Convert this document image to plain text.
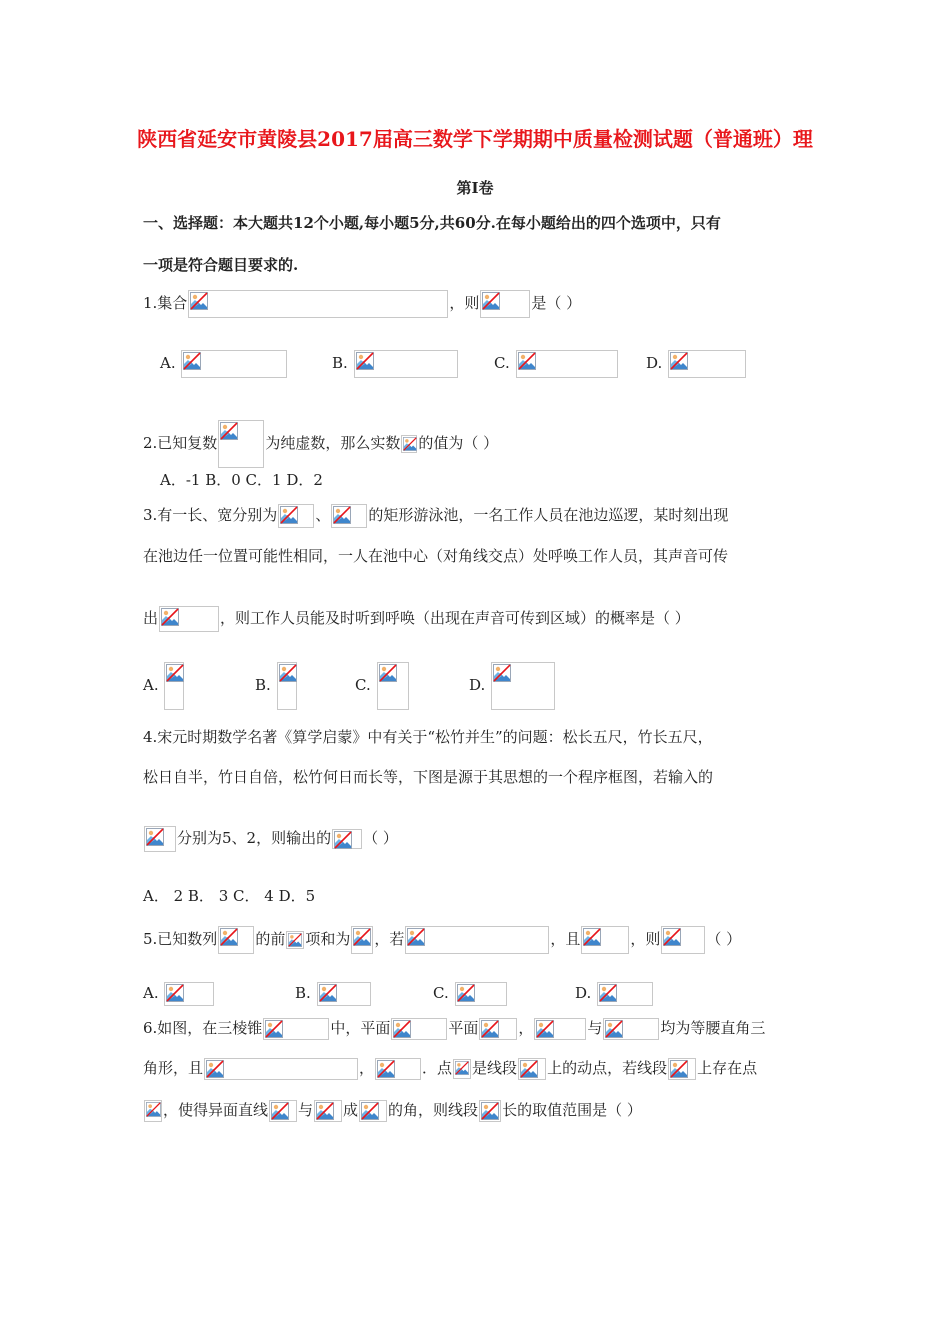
陕西省延安市黄陵县2017届高三数学下学期期中质量检测试题（普通班）理
第Ⅰ卷
一、选择题：本大题共12个小题,每小题5分,共60分.在每小题给出的四个选项中，只有
一项是符合题目要求的.
1.集合	，则	是（ ）
A.	B.	C.	D.
2.已知复数	为纯虚数，那么实数 的值为（ ）
A．-1 B．0 C．1 D．2
3.有一长、宽分别为	、	的矩形游泳池，一名工作人员在池边巡逻，某时刻出现
在池边任一位置可能性相同，一人在池中心（对角线交点）处呼唤工作人员，其声音可传
出	，则工作人员能及时听到呼唤（出现在声音可传到区域）的概率是（ ）
A.	B.	C.	D.
4.宋元时期数学名著《算学启蒙》中有关于“松竹并生”的问题：松长五尺，竹长五尺，
松日自半，竹日自倍，松竹何日而长等，下图是源于其思想的一个程序框图，若输入的
分别为5、2，则输出的 （ ）
A． 2 B． 3 C． 4 D．5
5.已知数列	的前 项和为 ，若	，且	，则	（ ）
A.	B.	C.	D.
6.如图，在三棱锥	中，平面	平面	，	与	均为等腰直角三
角形，且	，	．点 是线段 上的动点，若线段 上存在点
，使得异面直线 与 成 的角，则线段 长的取值范围是（ ）
